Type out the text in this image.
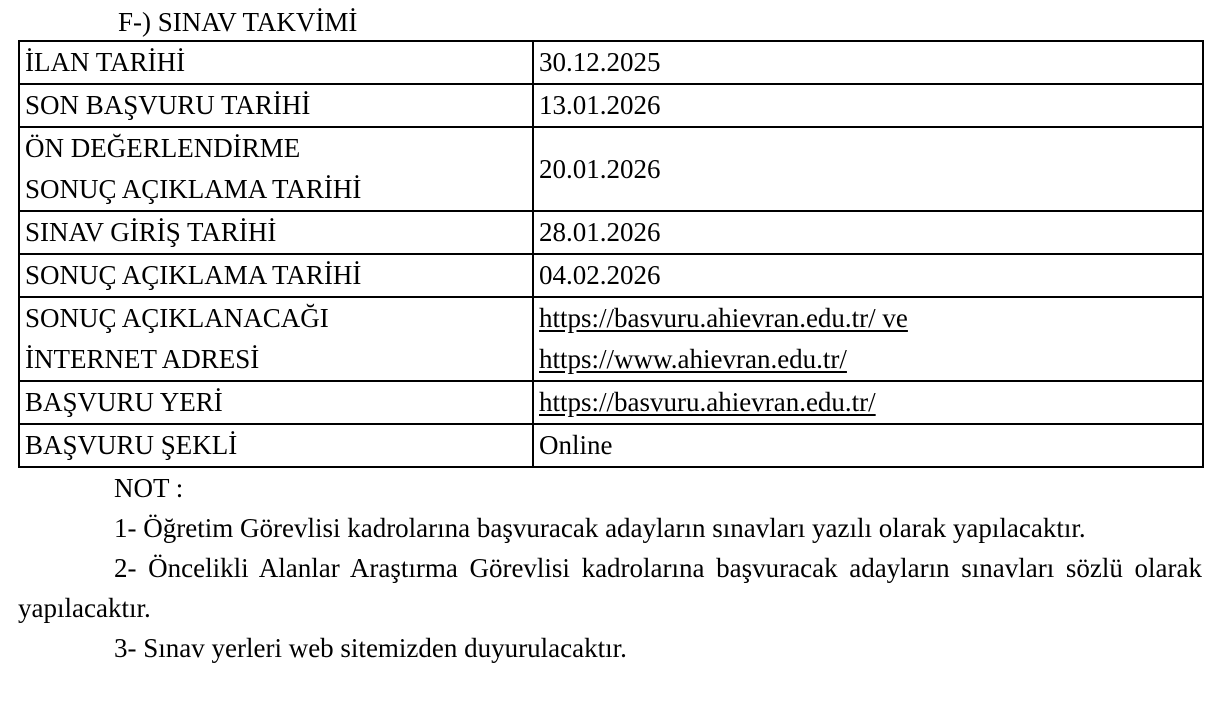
F-) SINAV TAKVİMİ
İLAN TARİHİ	30.12.2025

SON BAŞVURU TARİHİ	13.01.2026

ÖN DEĞERLENDİRME
SONUÇ AÇIKLAMA TARİHİ	20.01.2026

SINAV GİRİŞ TARİHİ	28.01.2026

SONUÇ AÇIKLAMA TARİHİ	04.02.2026

SONUÇ AÇIKLANACAĞI
İNTERNET ADRESİ	https://basvuru.ahievran.edu.tr/ ve
https://www.ahievran.edu.tr/

BAŞVURU YERİ	https://basvuru.ahievran.edu.tr/

BAŞVURU ŞEKLİ	Online

NOT :

1- Öğretim Görevlisi kadrolarına başvuracak adayların sınavları yazılı olarak yapılacaktır.

2- Öncelikli Alanlar Araştırma Görevlisi kadrolarına başvuracak adayların sınavları sözlü olarak yapılacaktır.

3- Sınav yerleri web sitemizden duyurulacaktır.
